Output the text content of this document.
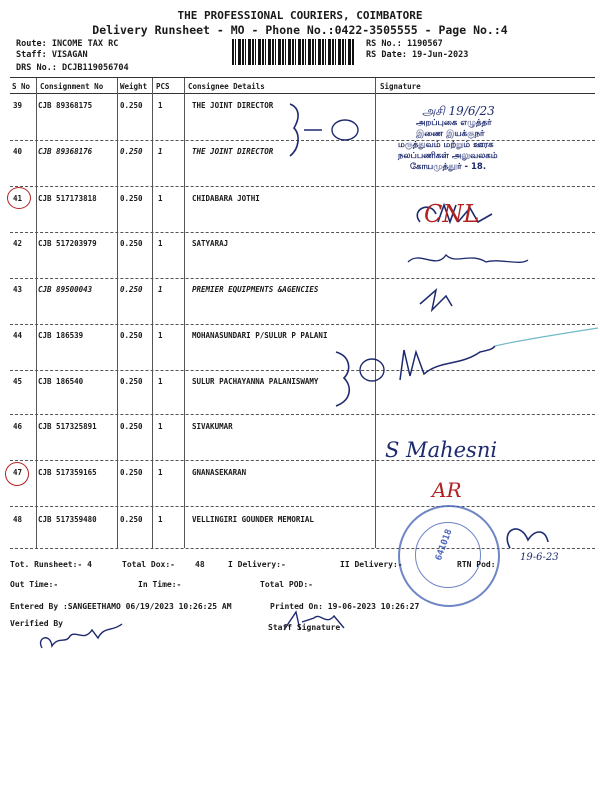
THE PROFESSIONAL COURIERS, COIMBATORE
Delivery Runsheet - MO - Phone No.:0422-3505555 - Page No.:4
Route: INCOME TAX RC
Staff: VISAGAN
DRS No.: DCJB119056704
RS No.: 1190567
RS Date: 19-Jun-2023
S No Consignment No Weight PCS Consignee Details	Signature
39 CJB 89368175	0.250 1	THE JOINT DIRECTOR
40 CJB 89368176	0.250 1	THE JOINT DIRECTOR
41 CJB 517173818	0.250 1	CHIDABARA JOTHI
42 CJB 517203979	0.250 1	SATYARAJ
43 CJB 89500043	0.250 1	PREMIER EQUIPMENTS &AGENCIES
44 CJB 186539	0.250 1	MOHANASUNDARI P/SULUR P PALANI
45 CJB 186540	0.250 1	SULUR PACHAYANNA PALANISWAMY
46 CJB 517325891	0.250 1	SIVAKUMAR
47 CJB 517359165	0.250 1	GNANASEKARAN
48 CJB 517359480	0.250 1	VELLINGIRI GOUNDER MEMORIAL
அசி 19/6/23
அறப்புகை எழுத்தர்
இணை இயக்குநர்
மருத்துவம் மற்றும் ஊரக
நலப்பணிகள் அலுவலகம்
கோயமுத்தூர் - 18.
CNL
S Mahesni
AR
19-6-23
641018
Tot. Runsheet:- 4	Total Dox:-	48	I Delivery:-	II Delivery:-	RTN Pod:
Out Time:-	In Time:-	Total POD:-
Entered By :SANGEETHAMO 06/19/2023 10:26:25 AM	Printed On: 19-06-2023 10:26:27
Verified By	Staff Signature
